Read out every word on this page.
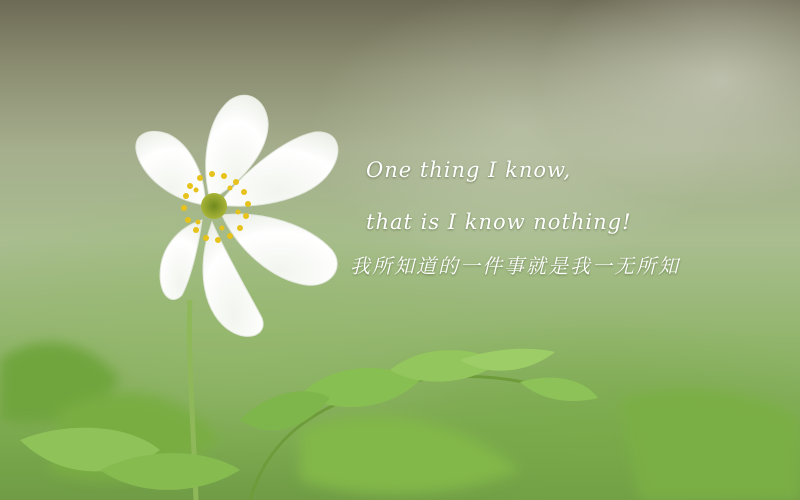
One thing I know,

that is I know nothing!

我所知道的一件事就是我一无所知
